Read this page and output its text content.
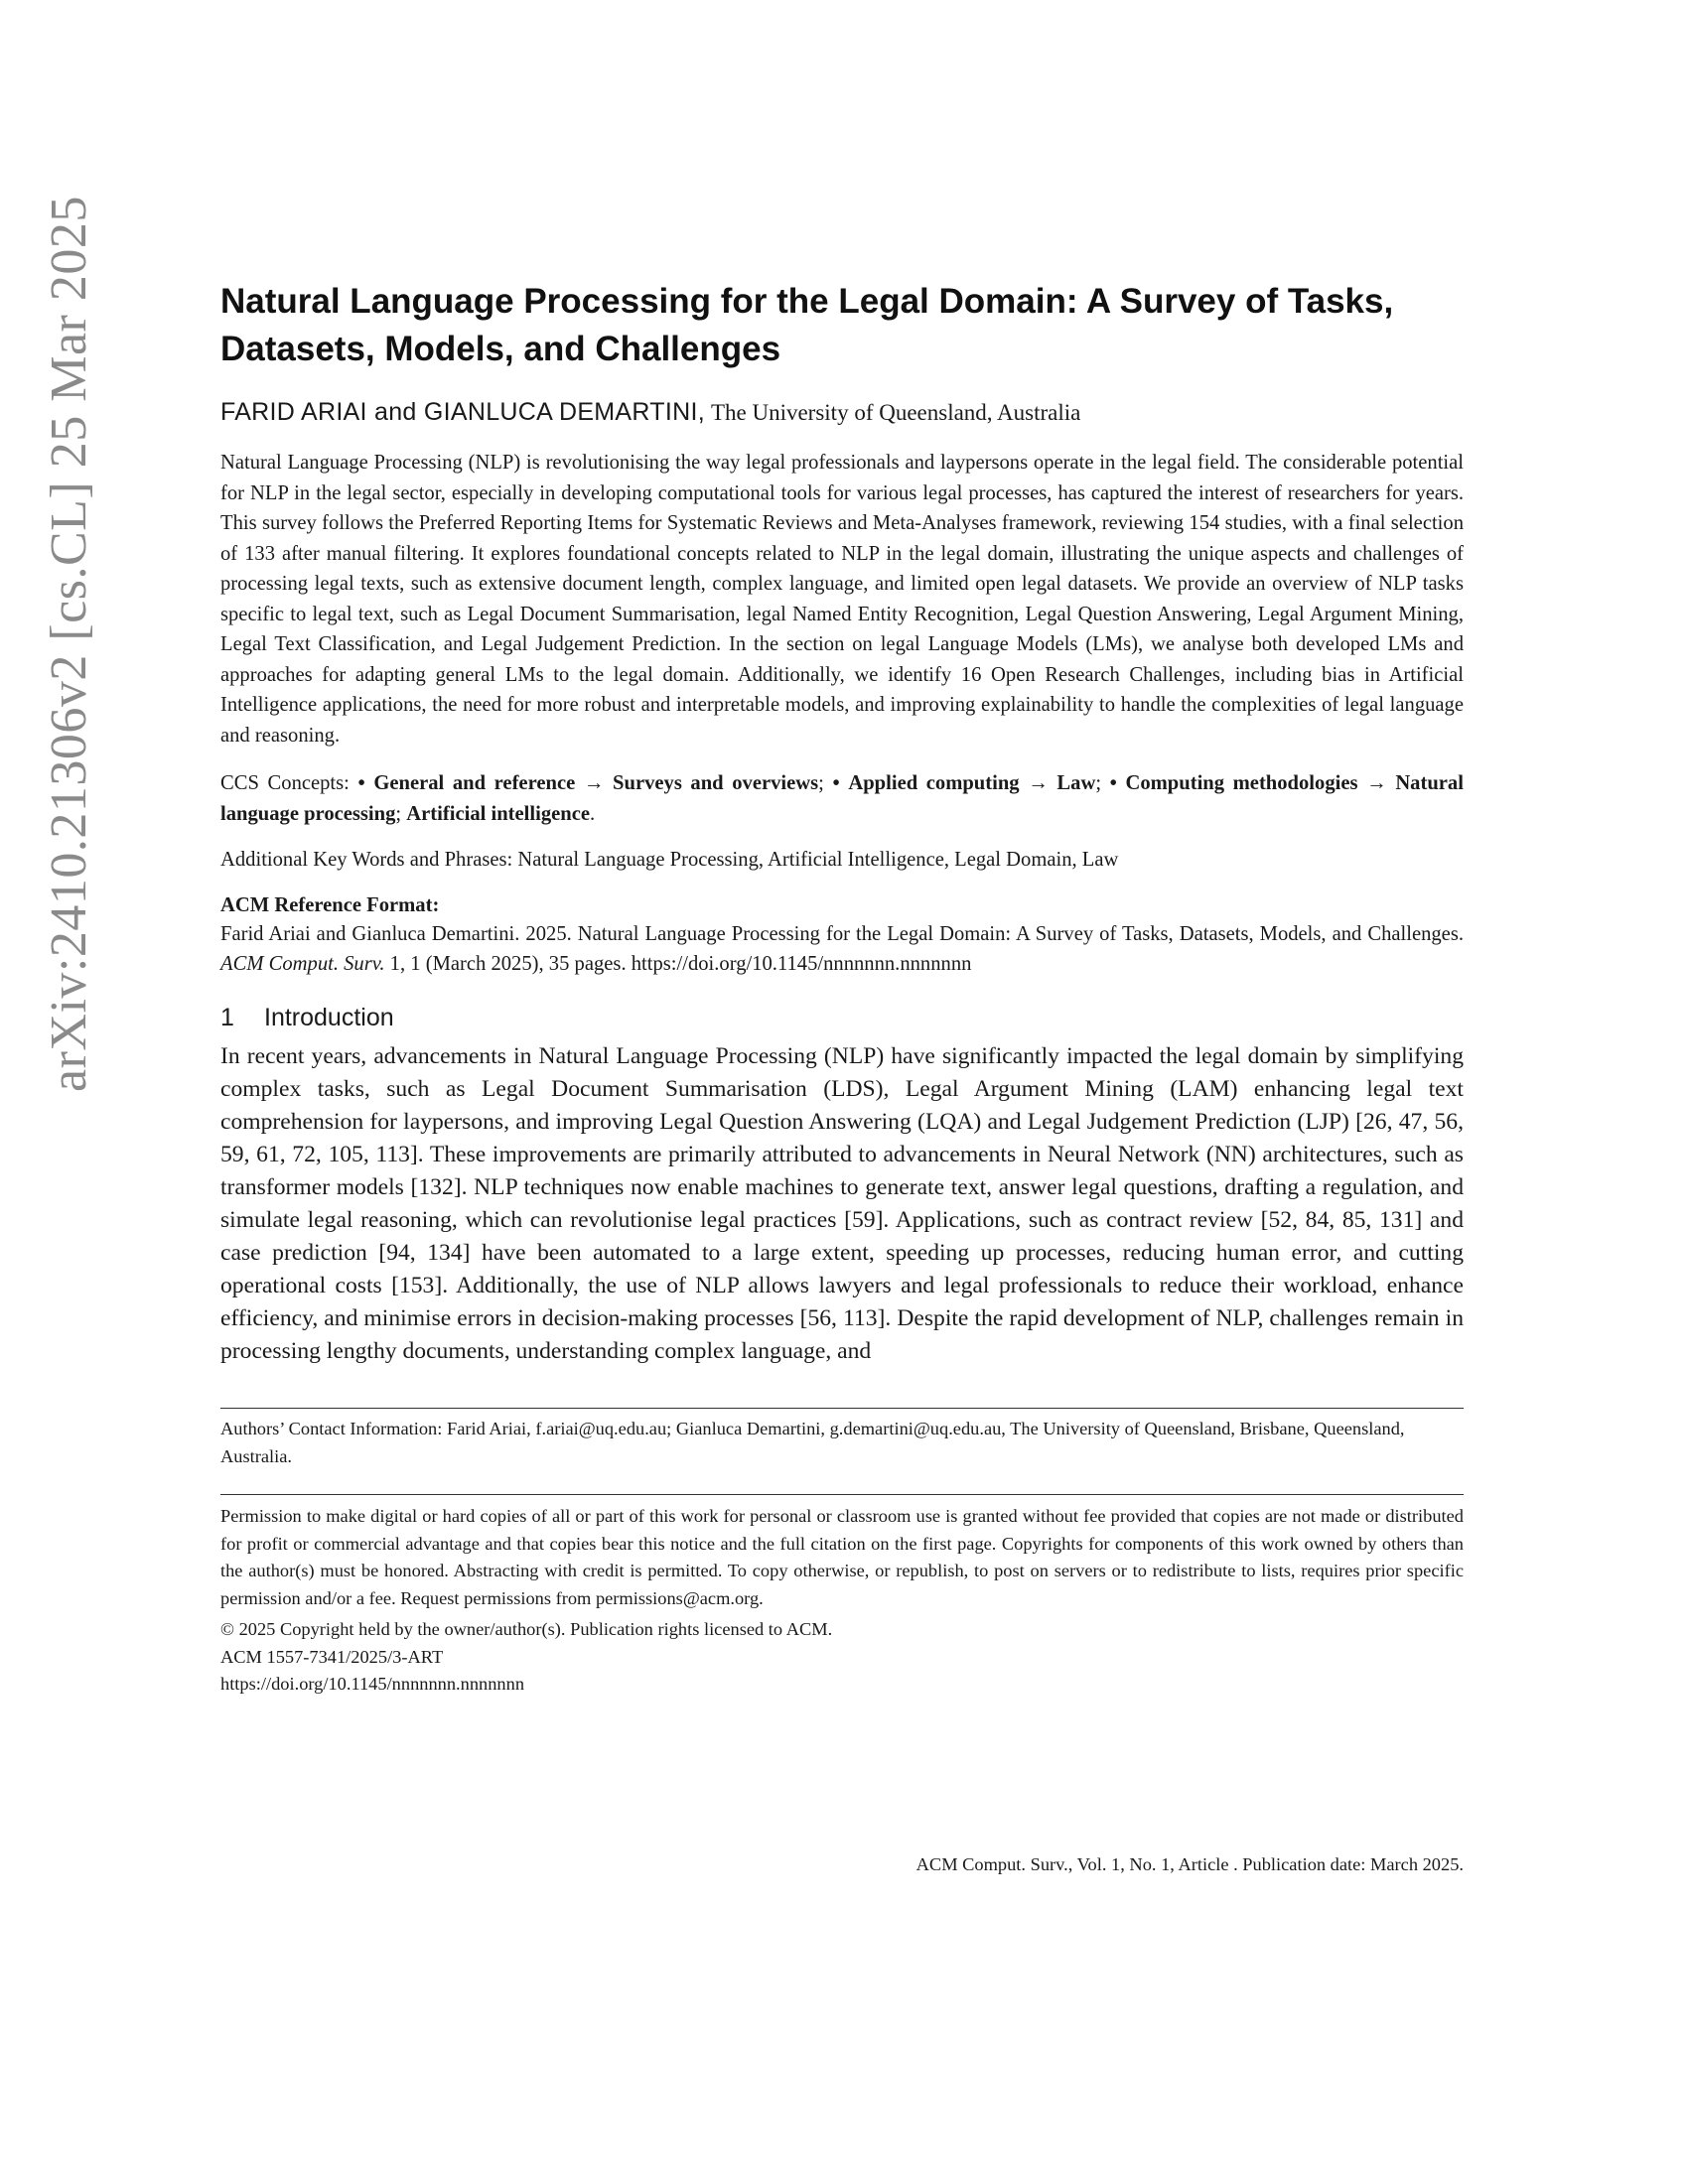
arXiv:2410.21306v2 [cs.CL] 25 Mar 2025	Natural Language Processing for the Legal Domain: A Survey of Tasks, Datasets, Models, and Challenges
FARID ARIAI and GIANLUCA DEMARTINI, The University of Queensland, Australia

Natural Language Processing (NLP) is revolutionising the way legal professionals and laypersons operate in the legal field. The considerable potential for NLP in the legal sector, especially in developing computational tools for various legal processes, has captured the interest of researchers for years. This survey follows the Preferred Reporting Items for Systematic Reviews and Meta-Analyses framework, reviewing 154 studies, with a final selection of 133 after manual filtering. It explores foundational concepts related to NLP in the legal domain, illustrating the unique aspects and challenges of processing legal texts, such as extensive document length, complex language, and limited open legal datasets. We provide an overview of NLP tasks specific to legal text, such as Legal Document Summarisation, legal Named Entity Recognition, Legal Question Answering, Legal Argument Mining, Legal Text Classification, and Legal Judgement Prediction. In the section on legal Language Models (LMs), we analyse both developed LMs and approaches for adapting general LMs to the legal domain. Additionally, we identify 16 Open Research Challenges, including bias in Artificial Intelligence applications, the need for more robust and interpretable models, and improving explainability to handle the complexities of legal language and reasoning.

CCS Concepts: • General and reference → Surveys and overviews; • Applied computing → Law; • Computing methodologies → Natural language processing; Artificial intelligence.
Additional Key Words and Phrases: Natural Language Processing, Artificial Intelligence, Legal Domain, Law
ACM Reference Format:
Farid Ariai and Gianluca Demartini. 2025. Natural Language Processing for the Legal Domain: A Survey of Tasks, Datasets, Models, and Challenges. ACM Comput. Surv. 1, 1 (March 2025), 35 pages. https://doi.org/10.1145/nnnnnnn.nnnnnnn
1 Introduction

In recent years, advancements in Natural Language Processing (NLP) have significantly impacted the legal domain by simplifying complex tasks, such as Legal Document Summarisation (LDS), Legal Argument Mining (LAM) enhancing legal text comprehension for laypersons, and improving Legal Question Answering (LQA) and Legal Judgement Prediction (LJP) [26, 47, 56, 59, 61, 72, 105, 113]. These improvements are primarily attributed to advancements in Neural Network (NN) architectures, such as transformer models [132]. NLP techniques now enable machines to generate text, answer legal questions, drafting a regulation, and simulate legal reasoning, which can revolutionise legal practices [59]. Applications, such as contract review [52, 84, 85, 131] and case prediction [94, 134] have been automated to a large extent, speeding up processes, reducing human error, and cutting operational costs [153]. Additionally, the use of NLP allows lawyers and legal professionals to reduce their workload, enhance efficiency, and minimise errors in decision-making processes [56, 113]. Despite the rapid development of NLP, challenges remain in processing lengthy documents, understanding complex language, and

Authors’ Contact Information: Farid Ariai, f.ariai@uq.edu.au; Gianluca Demartini, g.demartini@uq.edu.au, The University of Queensland, Brisbane, Queensland, Australia.
Permission to make digital or hard copies of all or part of this work for personal or classroom use is granted without fee provided that copies are not made or distributed for profit or commercial advantage and that copies bear this notice and the full citation on the first page. Copyrights for components of this work owned by others than the author(s) must be honored. Abstracting with credit is permitted. To copy otherwise, or republish, to post on servers or to redistribute to lists, requires prior specific permission and/or a fee. Request permissions from permissions@acm.org.
© 2025 Copyright held by the owner/author(s). Publication rights licensed to ACM.
ACM 1557-7341/2025/3-ART
https://doi.org/10.1145/nnnnnnn.nnnnnnn
ACM Comput. Surv., Vol. 1, No. 1, Article . Publication date: March 2025.
